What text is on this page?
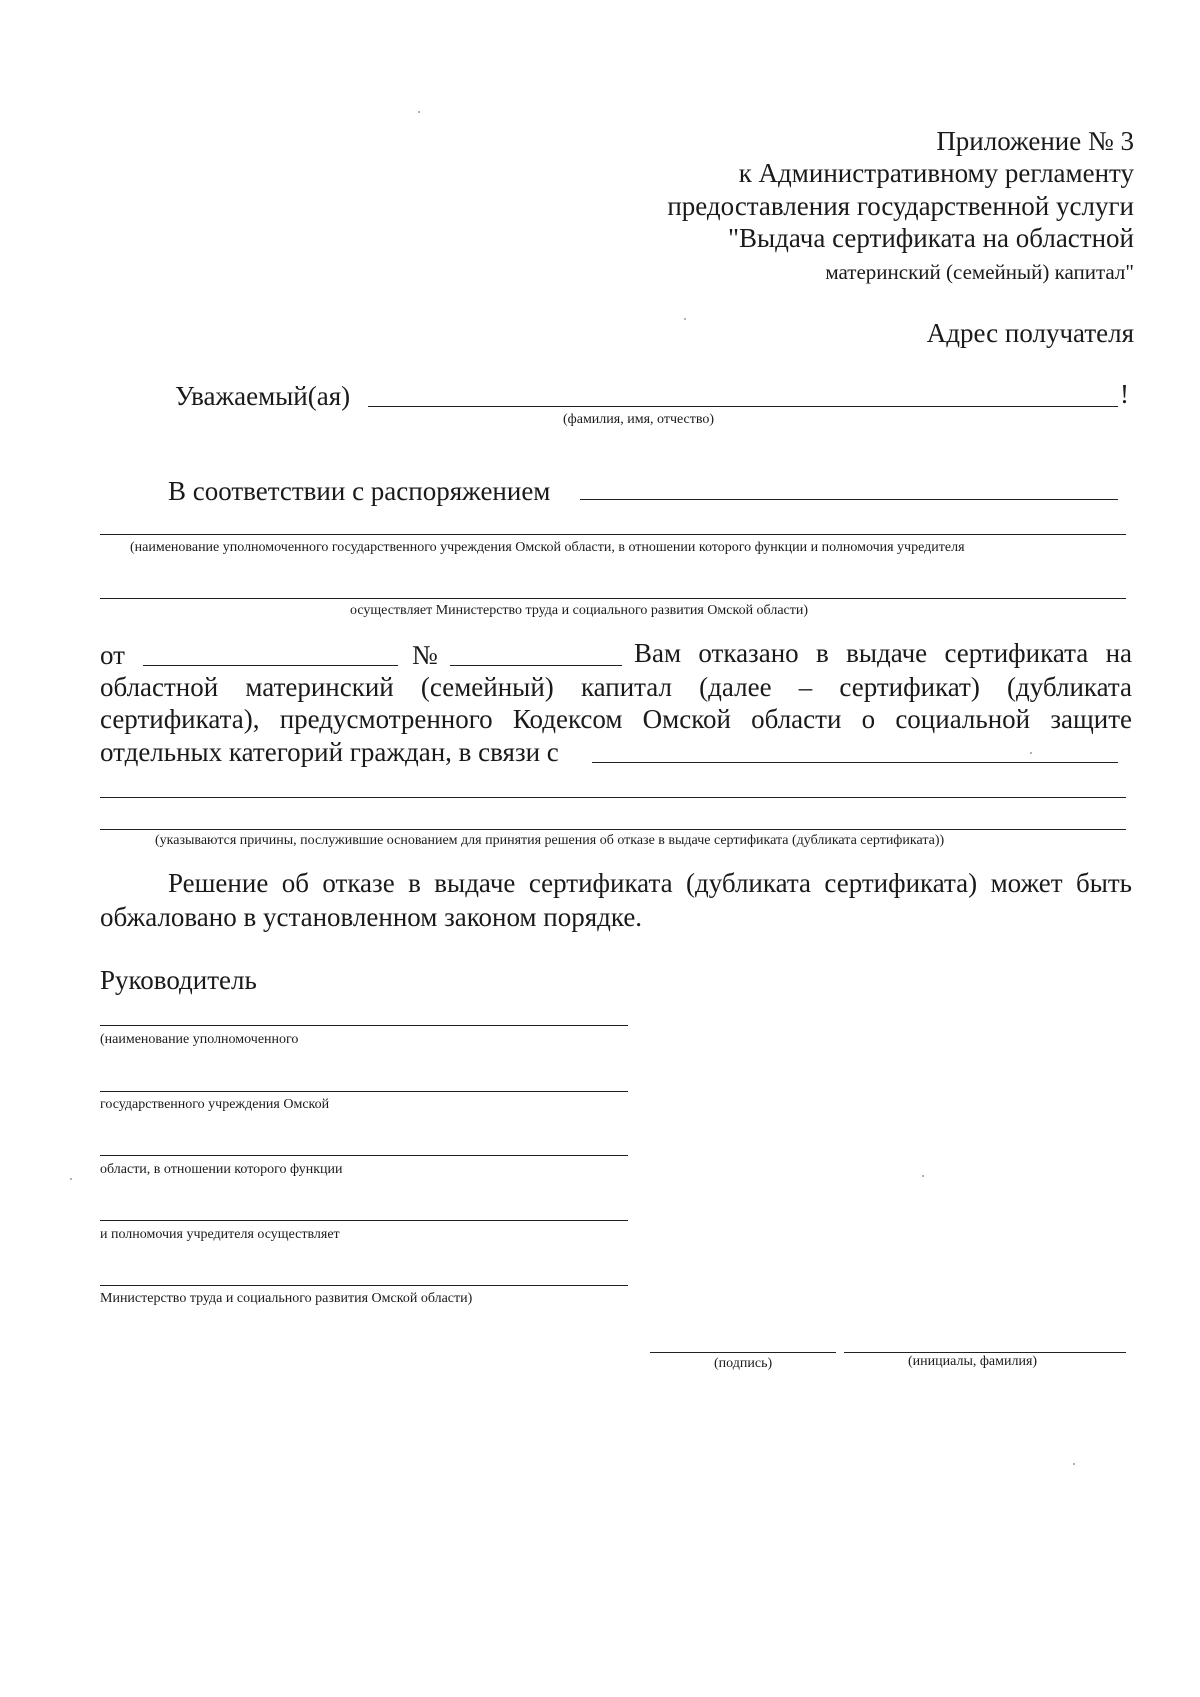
Приложение № 3
к Административному регламенту
предоставления государственной услуги
"Выдача сертификата на областной
материнский (семейный) капитал"
Адрес получателя
Уважаемый(ая)	!
(фамилия, имя, отчество)
В соответствии с распоряжением
(наименование уполномоченного государственного учреждения Омской области, в отношении которого функции и полномочия учредителя
осуществляет Министерство труда и социального развития Омской области)
от	№	Вам отказано в выдаче сертификата на
областной материнский (семейный) капитал (далее – сертификат) (дубликата
сертификата), предусмотренного Кодексом Омской области о социальной защите
отдельных категорий граждан, в связи с
(указываются причины, послужившие основанием для принятия решения об отказе в выдаче сертификата (дубликата сертификата))
Решение об отказе в выдаче сертификата (дубликата сертификата) может быть
обжаловано в установленном законом порядке.
Руководитель
(наименование уполномоченного
государственного учреждения Омской
области, в отношении которого функции
и полномочия учредителя осуществляет
Министерство труда и социального развития Омской области)
(подпись)	(инициалы, фамилия)
